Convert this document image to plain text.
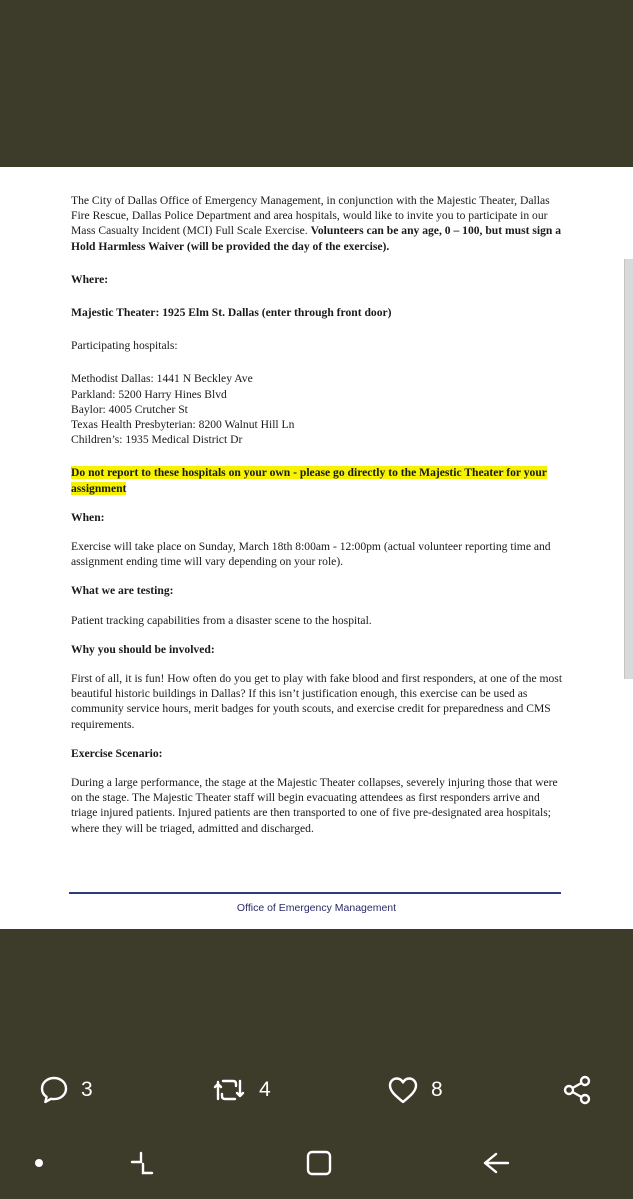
The City of Dallas Office of Emergency Management, in conjunction with the Majestic Theater, Dallas Fire Rescue, Dallas Police Department and area hospitals, would like to invite you to participate in our Mass Casualty Incident (MCI) Full Scale Exercise. Volunteers can be any age, 0 – 100, but must sign a Hold Harmless Waiver (will be provided the day of the exercise).

Where:

Majestic Theater: 1925 Elm St. Dallas (enter through front door)

Participating hospitals:

Methodist Dallas: 1441 N Beckley Ave

Parkland: 5200 Harry Hines Blvd

Baylor: 4005 Crutcher St

Texas Health Presbyterian: 8200 Walnut Hill Ln

Children’s: 1935 Medical District Dr

Do not report to these hospitals on your own - please go directly to the Majestic Theater for your assignment

When:

Exercise will take place on Sunday, March 18th 8:00am - 12:00pm (actual volunteer reporting time and assignment ending time will vary depending on your role).

What we are testing:

Patient tracking capabilities from a disaster scene to the hospital.

Why you should be involved:

First of all, it is fun! How often do you get to play with fake blood and first responders, at one of the most beautiful historic buildings in Dallas? If this isn’t justification enough, this exercise can be used as community service hours, merit badges for youth scouts, and exercise credit for preparedness and CMS requirements.

Exercise Scenario:

During a large performance, the stage at the Majestic Theater collapses, severely injuring those that were on the stage. The Majestic Theater staff will begin evacuating attendees as first responders arrive and triage injured patients. Injured patients are then transported to one of five pre-designated area hospitals; where they will be triaged, admitted and discharged.

Office of Emergency Management
3	4	8
